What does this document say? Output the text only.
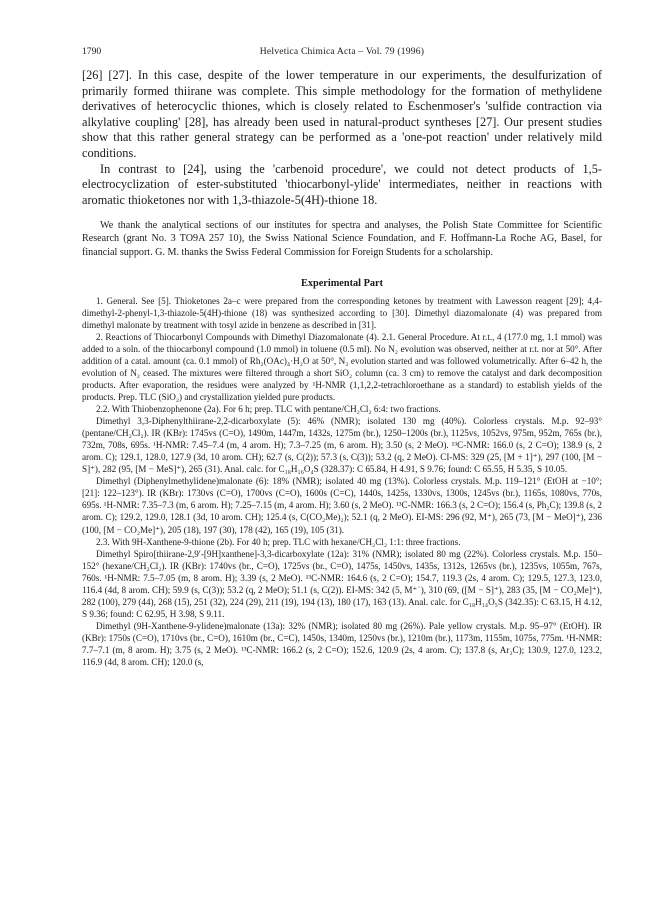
1790	Helvetica Chimica Acta – Vol. 79 (1996)

[26] [27]. In this case, despite of the lower temperature in our experiments, the desulfurization of primarily formed thiirane was complete. This simple methodology for the formation of methylidene derivatives of heterocyclic thiones, which is closely related to Eschenmoser's 'sulfide contraction via alkylative coupling' [28], has already been used in natural-product syntheses [27]. Our present studies show that this rather general strategy can be performed as a 'one-pot reaction' under relatively mild conditions.

In contrast to [24], using the 'carbenoid procedure', we could not detect products of 1,5-electrocyclization of ester-substituted 'thiocarbonyl-ylide' intermediates, neither in reactions with aromatic thioketones nor with 1,3-thiazole-5(4H)-thione 18.

We thank the analytical sections of our institutes for spectra and analyses, the Polish State Committee for Scientific Research (grant No. 3 TO9A 257 10), the Swiss National Science Foundation, and F. Hoffmann-La Roche AG, Basel, for financial support. G. M. thanks the Swiss Federal Commission for Foreign Students for a scholarship.

Experimental Part

1. General. See [5]. Thioketones 2a–c were prepared from the corresponding ketones by treatment with Lawesson reagent [29]; 4,4-dimethyl-2-phenyl-1,3-thiazole-5(4H)-thione (18) was synthesized according to [30]. Dimethyl diazomalonate (4) was prepared from dimethyl malonate by treatment with tosyl azide in benzene as described in [31].

2. Reactions of Thiocarbonyl Compounds with Dimethyl Diazomalonate (4). 2.1. General Procedure. At r.t., 4 (177.0 mg, 1.1 mmol) was added to a soln. of the thiocarbonyl compound (1.0 mmol) in toluene (0.5 ml). No N₂ evolution was observed, neither at r.t. nor at 50°. After addition of a catal. amount (ca. 0.1 mmol) of Rh₂(OAc)₄·H₂O at 50°, N₂ evolution started and was followed volumetrically. After 6–42 h, the evolution of N₂ ceased. The mixtures were filtered through a short SiO₂ column (ca. 3 cm) to remove the catalyst and dark decomposition products. After evaporation, the residues were analyzed by ¹H-NMR (1,1,2,2-tetrachloroethane as a standard) to establish yields of the products. Prep. TLC (SiO₂) and crystallization yielded pure products.

2.2. With Thiobenzophenone (2a). For 6 h; prep. TLC with pentane/CH₂Cl₂ 6:4: two fractions.

Dimethyl 3,3-Diphenylthiirane-2,2-dicarboxylate (5): 46% (NMR); isolated 130 mg (40%). Colorless crystals. M.p. 92–93° (pentane/CH₂Cl₂). IR (KBr): 1745vs (C=O), 1490m, 1447m, 1432s, 1275m (br.), 1250–1200s (br.), 1125vs, 1052vs, 975m, 952m, 765s (br.), 732m, 708s, 695s. ¹H-NMR: 7.45–7.4 (m, 4 arom. H); 7.3–7.25 (m, 6 arom. H); 3.50 (s, 2 MeO). ¹³C-NMR: 166.0 (s, 2 C=O); 138.9 (s, 2 arom. C); 129.1, 128.0, 127.9 (3d, 10 arom. CH); 62.7 (s, C(2)); 57.3 (s, C(3)); 53.2 (q, 2 MeO). CI-MS: 329 (25, [M + 1]⁺), 297 (100, [M − S]⁺), 282 (95, [M − MeS]⁺), 265 (31). Anal. calc. for C₁₈H₁₆O₄S (328.37): C 65.84, H 4.91, S 9.76; found: C 65.55, H 5.35, S 10.05.

Dimethyl (Diphenylmethylidene)malonate (6): 18% (NMR); isolated 40 mg (13%). Colorless crystals. M.p. 119–121° (EtOH at −10°; [21]: 122–123°). IR (KBr): 1730vs (C=O), 1700vs (C=O), 1600s (C=C), 1440s, 1425s, 1330vs, 1300s, 1245vs (br.), 1165s, 1080vs, 770s, 695s. ¹H-NMR: 7.35–7.3 (m, 6 arom. H); 7.25–7.15 (m, 4 arom. H); 3.60 (s, 2 MeO). ¹³C-NMR: 166.3 (s, 2 C=O); 156.4 (s, Ph₂C); 139.8 (s, 2 arom. C); 129.2, 129.0, 128.1 (3d, 10 arom. CH); 125.4 (s, C(CO₂Me)₂); 52.1 (q, 2 MeO). EI-MS: 296 (92, M⁺), 265 (73, [M − MeO]⁺), 236 (100, [M − CO₂Me]⁺), 205 (18), 197 (30), 178 (42), 165 (19), 105 (31).

2.3. With 9H-Xanthene-9-thione (2b). For 40 h; prep. TLC with hexane/CH₂Cl₂ 1:1: three fractions.

Dimethyl Spiro[thiirane-2,9′-[9H]xanthene]-3,3-dicarboxylate (12a): 31% (NMR); isolated 80 mg (22%). Colorless crystals. M.p. 150–152° (hexane/CH₂Cl₂). IR (KBr): 1740vs (br., C=O), 1725vs (br., C=O), 1475s, 1450vs, 1435s, 1312s, 1265vs (br.), 1235vs, 1055m, 767s, 760s. ¹H-NMR: 7.5–7.05 (m, 8 arom. H); 3.39 (s, 2 MeO). ¹³C-NMR: 164.6 (s, 2 C=O); 154.7, 119.3 (2s, 4 arom. C); 129.5, 127.3, 123.0, 116.4 (4d, 8 arom. CH); 59.9 (s, C(3)); 53.2 (q, 2 MeO); 51.1 (s, C(2)). EI-MS: 342 (5, M⁺˙), 310 (69, ([M − S]⁺), 283 (35, [M − CO₂Me]⁺), 282 (100), 279 (44), 268 (15), 251 (32), 224 (29), 211 (19), 194 (13), 180 (17), 163 (13). Anal. calc. for C₁₈H₁₄O₅S (342.35): C 63.15, H 4.12, S 9.36; found: C 62.95, H 3.98, S 9.11.

Dimethyl (9H-Xanthene-9-ylidene)malonate (13a): 32% (NMR); isolated 80 mg (26%). Pale yellow crystals. M.p. 95–97° (EtOH). IR (KBr): 1750s (C=O), 1710vs (br., C=O), 1610m (br., C=C), 1450s, 1340m, 1250vs (br.), 1210m (br.), 1173m, 1155m, 1075s, 775m. ¹H-NMR: 7.7–7.1 (m, 8 arom. H); 3.75 (s, 2 MeO). ¹³C-NMR: 166.2 (s, 2 C=O); 152.6, 120.9 (2s, 4 arom. C); 137.8 (s, Ar₂C); 130.9, 127.0, 123.2, 116.9 (4d, 8 arom. CH); 120.0 (s,
